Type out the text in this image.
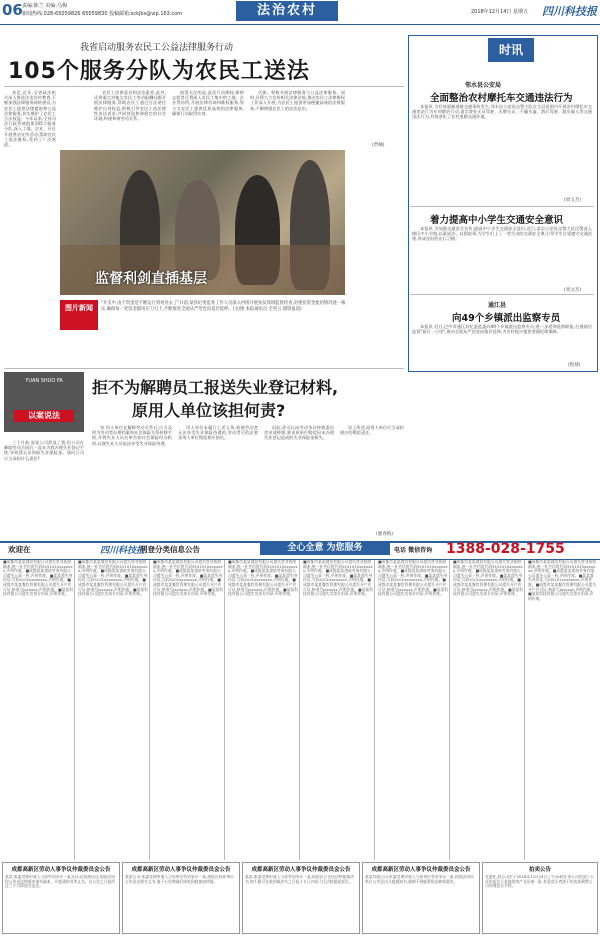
06 责编:陈兰 美编:乌梅
新闻热线:028-65059826 65059830 投稿邮箱:sckjbs@vip.163.com	法治农村	2018年12月14日 星期五 四川科技报
我省启动服务农民工公益法律服务行动
105个服务分队为农民工送法

充足,近年,全省政法机关深入推进法治宣传教育,不断加强法律服务网络建设,为农民工提供法律援助和公益法律服务,切实维护了农民工合法权益。今年以来,全省司法行政系统组建105个服务分队,深入工地、企业、社区开展普法宣传活动,帮助农民工依法维权,受到了广泛欢迎。

农民工法律意识和法治素养,此外,还将重点对拖欠农民工劳动报酬问题开展法律服务,帮助农民工通过合法途径维护自身权益,积极引导农民工依法理性表达诉求,共同营造和谐稳定的社会环境,构建和谐劳动关系。

值得关注的是,此次行动期间,律师志愿者还将深入农民工集中的工地、企业等场所,开展法律咨询和维权服务,努力为农民工提供优质高效的法律服务,确保行动取得实效。

代律。积极开展法律服务与公益法律服务。同时,还将大力宣传相关法律法规,推动农民工法律维权工作深入开展,为农民工提供更加便捷高效的法律服务,不断增强农民工的法治意识。

(贾楠)
监督利剑直插基层
图片新闻
"开支中,由于资金是不断运行到何处去了"日前,某县纪委监委工作人员深入村组开展扶贫领域监督检查,对惠民资金使用情况逐一核实,确保每一笔资金都用在刀刃上,不断推进全面从严治党向基层延伸。(文/图 本报通讯员 全英云 摄影报道)
时讯
邻水县公安局
全面整治农村摩托车交通违法行为

本报讯 为有效遏制道路交通事故发生,邻水县公安局交警大队在全县范围内开展农村摩托车交通违法行为专项整治行动,重点查处无证驾驶、无牌无证、不戴头盔、酒后驾驶、超员载人等交通违法行为,有效净化了农村道路交通环境。

(周文杰)
着力提高中小学生交通安全意识

本报讯 为加强交通安全宣传,提高中小学生交通安全意识,近日,某县公安局交警大队民警深入辖区中小学校,以案说法、以图说事,为学生们上了一堂生动的交通安全课,引导学生自觉遵守交通法规,养成良好的出行习惯。

(周文杰)
通江县
向49个乡镇派出监察专员

本报讯 近日,巴中市通江县纪委监委向49个乡镇派出监察专员,进一步延伸监察职能,打通基层监督"最后一公里",推动全面从严治党向基层延伸,为乡村振兴提供坚强纪律保障。

(程婧)
YUAN SHUO FA
以案说法
拒不为解聘员工报送失业登记材料,
原用人单位该担何责?

三个月前,原某公司辞退了我,但公司在解除劳动合同后一直未为我办理失业登记手续,导致我无法领取失业保险金。请问公司应当承担什么责任?

答:用人单位在解除劳动关系后,应当及时为劳动者办理档案和社会保险关系转移手续,并将失业人员名单告知社会保险经办机构,以便失业人员依法享受失业保险待遇。

用人单位未履行上述义务,致使劳动者无法享受失业保险待遇的,劳动者可依法要求用人单位赔偿相应损失。

因此,你可以向劳动争议仲裁委员会申请仲裁,要求原单位赔偿因未办理失业登记造成的失业保险金损失。

综上所述,原用人单位应当承担相应的赔偿责任。

(廖春梅)
欢迎在	四川科技报
刊登分类信息公告	全心全意 为您服务	电话 微信咨询 1388-028-1755
■成都市某某商贸有限公司遗失营业执照副本,统一社会信用代码9151010xxxxxxx,声明作废。■成都某某建筑劳务有限公司遗失公章一枚,声明作废。■某某遗失身份证,号码5101xxxxxxxx,声明作废。■成都市某某餐饮管理有限公司遗失开户许可证,核准号Jxxxxxx,声明作废。■某某科技有限公司遗失发票专用章,声明作废。
■成都市某某商贸有限公司遗失营业执照副本,统一社会信用代码9151010xxxxxxx,声明作废。■成都某某建筑劳务有限公司遗失公章一枚,声明作废。■某某遗失身份证,号码5101xxxxxxxx,声明作废。■成都市某某餐饮管理有限公司遗失开户许可证,核准号Jxxxxxx,声明作废。■某某科技有限公司遗失发票专用章,声明作废。
■成都市某某商贸有限公司遗失营业执照副本,统一社会信用代码9151010xxxxxxx,声明作废。■成都某某建筑劳务有限公司遗失公章一枚,声明作废。■某某遗失身份证,号码5101xxxxxxxx,声明作废。■成都市某某餐饮管理有限公司遗失开户许可证,核准号Jxxxxxx,声明作废。■某某科技有限公司遗失发票专用章,声明作废。
■成都市某某商贸有限公司遗失营业执照副本,统一社会信用代码9151010xxxxxxx,声明作废。■成都某某建筑劳务有限公司遗失公章一枚,声明作废。■某某遗失身份证,号码5101xxxxxxxx,声明作废。■成都市某某餐饮管理有限公司遗失开户许可证,核准号Jxxxxxx,声明作废。■某某科技有限公司遗失发票专用章,声明作废。
■成都市某某商贸有限公司遗失营业执照副本,统一社会信用代码9151010xxxxxxx,声明作废。■成都某某建筑劳务有限公司遗失公章一枚,声明作废。■某某遗失身份证,号码5101xxxxxxxx,声明作废。■成都市某某餐饮管理有限公司遗失开户许可证,核准号Jxxxxxx,声明作废。■某某科技有限公司遗失发票专用章,声明作废。
■成都市某某商贸有限公司遗失营业执照副本,统一社会信用代码9151010xxxxxxx,声明作废。■成都某某建筑劳务有限公司遗失公章一枚,声明作废。■某某遗失身份证,号码5101xxxxxxxx,声明作废。■成都市某某餐饮管理有限公司遗失开户许可证,核准号Jxxxxxx,声明作废。■某某科技有限公司遗失发票专用章,声明作废。
■成都市某某商贸有限公司遗失营业执照副本,统一社会信用代码9151010xxxxxxx,声明作废。■成都某某建筑劳务有限公司遗失公章一枚,声明作废。■某某遗失身份证,号码5101xxxxxxxx,声明作废。■成都市某某餐饮管理有限公司遗失开户许可证,核准号Jxxxxxx,声明作废。■某某科技有限公司遗失发票专用章,声明作废。
■成都市某某商贸有限公司遗失营业执照副本,统一社会信用代码9151010xxxxxxx,声明作废。■成都某某建筑劳务有限公司遗失公章一枚,声明作废。■某某遗失身份证,号码5101xxxxxxxx,声明作废。■成都市某某餐饮管理有限公司遗失开户许可证,核准号Jxxxxxx,声明作废。■某某科技有限公司遗失发票专用章,声明作废。
成都高新区劳动人事争议仲裁委员会公告
某某:本委受理申请人与你劳动争议一案,因无法直接送达,现依法向你公告送达仲裁申请书副本、开庭通知书等文书。自公告之日起经过三十日即视为送达。
成都高新区劳动人事争议仲裁委员会公告
某某公司:本委受理申请人与你单位劳动争议一案,现依法向你单位公告送达相关文书,请于公告期满后按时到庭参加仲裁。
成都高新区劳动人事争议仲裁委员会公告
某某:本委受理申请人与你劳动争议一案,现依法公告送达仲裁裁决书,如不服可在收到裁决书之日起十五日内向人民法院提起诉讼。
成都高新区劳动人事争议仲裁委员会公告
某某有限公司:本委受理申请人与你单位劳动争议一案,现依法向你单位公告送达开庭通知书,逾期不到庭将依法缺席裁决。
拍卖公告
受委托,我公司定于2018年12月24日上午10时在本公司拍卖厅公开拍卖位于某地的房产及设备一批,有意竞买者请于拍卖前到我公司办理竞买手续。
